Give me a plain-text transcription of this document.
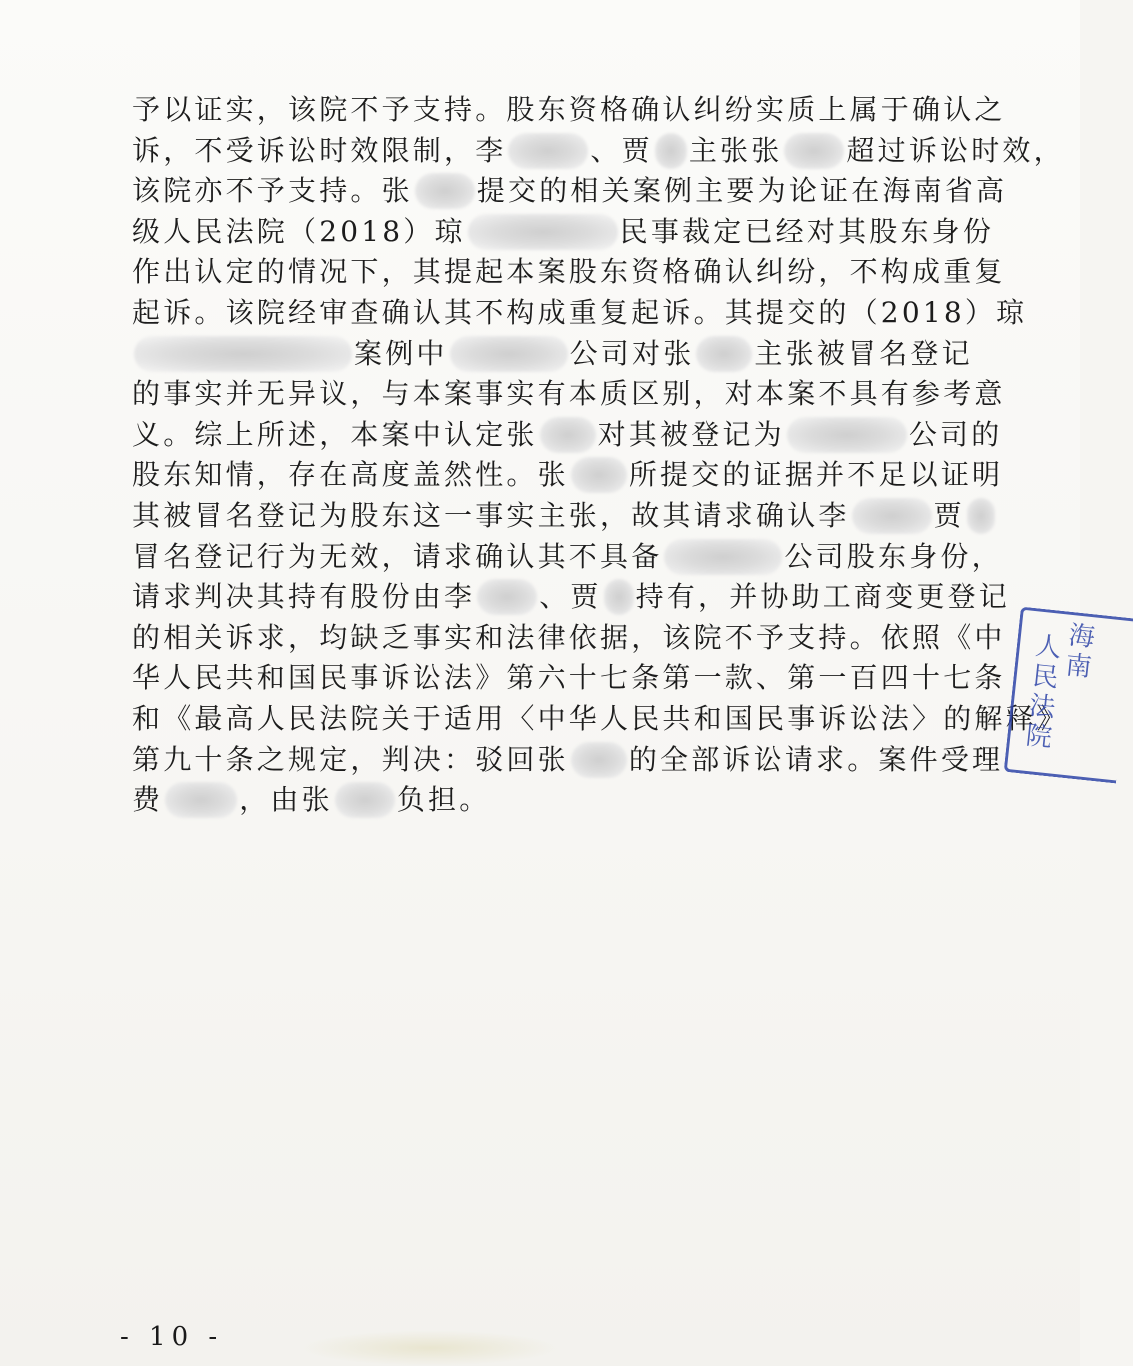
予以证实，该院不予支持。股东资格确认纠纷实质上属于确认之
诉，不受诉讼时效限制，李	、贾 主张张 超过诉讼时效，
该院亦不予支持。张 提交的相关案例主要为论证在海南省高
级人民法院（2018）琼	民事裁定已经对其股东身份
作出认定的情况下，其提起本案股东资格确认纠纷，不构成重复
起诉。该院经审查确认其不构成重复起诉。其提交的（2018）琼
案例中	公司对张 主张被冒名登记
的事实并无异议，与本案事实有本质区别，对本案不具有参考意
义。综上所述，本案中认定张 对其被登记为	公司的
股东知情，存在高度盖然性。张 所提交的证据并不足以证明
其被冒名登记为股东这一事实主张，故其请求确认李	贾
冒名登记行为无效，请求确认其不具备	公司股东身份，
请求判决其持有股份由李 、贾 持有，并协助工商变更登记
的相关诉求，均缺乏事实和法律依据，该院不予支持。依照《中
华人民共和国民事诉讼法》第六十七条第一款、第一百四十七条
和《最高人民法院关于适用〈中华人民共和国民事诉讼法〉的解释》
第九十条之规定，判决：驳回张 的全部诉讼请求。案件受理
费	，由张 负担。
海南
人民法院
- 10 -
